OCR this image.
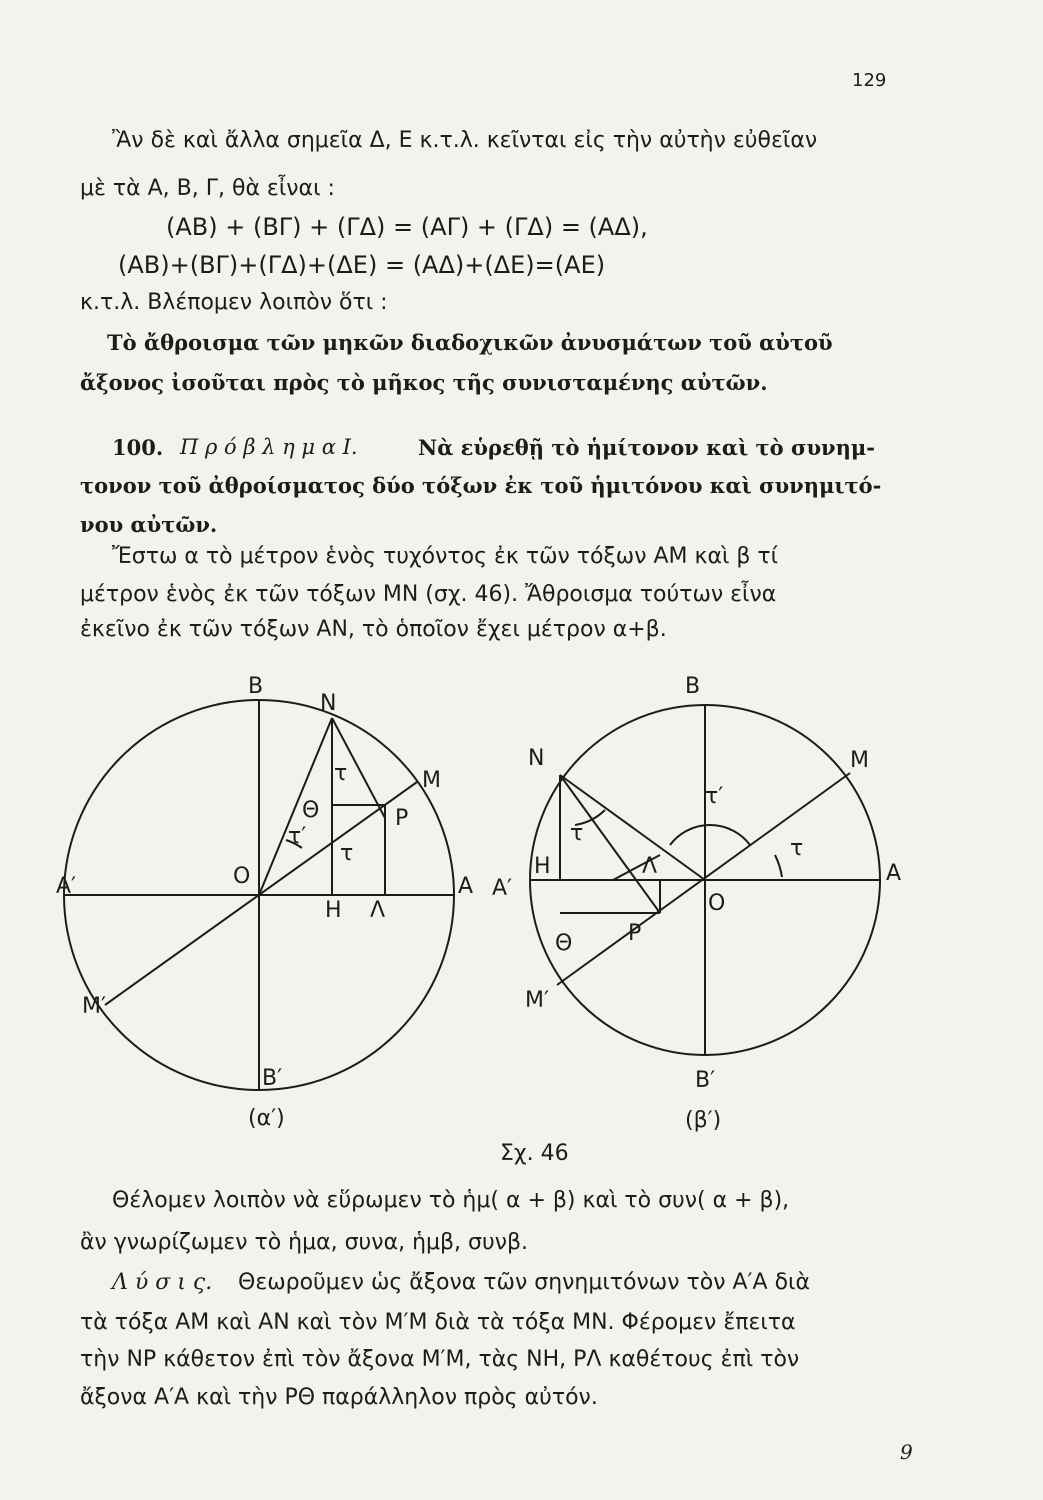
129
Ἂν δὲ καὶ ἄλλα σημεῖα Δ, Ε κ.τ.λ. κεῖνται εἰς τὴν αὐτὴν εὐθεῖαν
μὲ τὰ Α, Β, Γ, θὰ εἶναι :
(ΑΒ) + (ΒΓ) + (ΓΔ) = (ΑΓ) + (ΓΔ) = (ΑΔ),
(ΑΒ)+(ΒΓ)+(ΓΔ)+(ΔΕ) = (ΑΔ)+(ΔΕ)=(ΑΕ)
κ.τ.λ. Βλέπομεν λοιπὸν ὅτι :
Τὸ ἄθροισμα τῶν μηκῶν διαδοχικῶν ἀνυσμάτων τοῦ αὐτοῦ
ἄξονος ἰσοῦται πρὸς τὸ μῆκος τῆς συνισταμένης αὐτῶν.
100. Π ρ ό β λ η μ α Ι.	Νὰ εὑρεθῇ τὸ ἡμίτονον καὶ τὸ συνημ-
τονον τοῦ ἀθροίσματος δύο τόξων ἐκ τοῦ ἡμιτόνου καὶ συνημιτό-
νου αὐτῶν.
Ἔστω α τὸ μέτρον ἑνὸς τυχόντος ἐκ τῶν τόξων ΑΜ καὶ β τί
μέτρον ἑνὸς ἐκ τῶν τόξων ΜΝ (σχ. 46). Ἄθροισμα τούτων εἶνα
ἐκεῖνο ἐκ τῶν τόξων ΑΝ, τὸ ὁποῖον ἔχει μέτρον α+β.
B
N
M
P
A
Α′	O
H Λ
Θ
τ
τ
τ′
Μ′
Β′
(α′)
B
N	M
P
A
Α′
O
H	Λ
Θ
τ
τ
τ′
Μ′
Β′
(β′)
Σχ. 46
Θέλομεν λοιπὸν νὰ εὕρωμεν τὸ ἡμ( α + β) καὶ τὸ συν( α + β),
ἂν γνωρίζωμεν τὸ ἡμα, συνα, ἡμβ, συνβ.
Λ ύ σ ι ς. Θεωροῦμεν ὡς ἄξονα τῶν σηνημιτόνων τὸν Α′Α διὰ
τὰ τόξα ΑΜ καὶ ΑΝ καὶ τὸν Μ′Μ διὰ τὰ τόξα ΜΝ. Φέρομεν ἔπειτα
τὴν ΝΡ κάθετον ἐπὶ τὸν ἄξονα Μ′Μ, τὰς ΝΗ, ΡΛ καθέτους ἐπὶ τὸν
ἄξονα Α′Α καὶ τὴν ΡΘ παράλληλον πρὸς αὐτόν.
9
